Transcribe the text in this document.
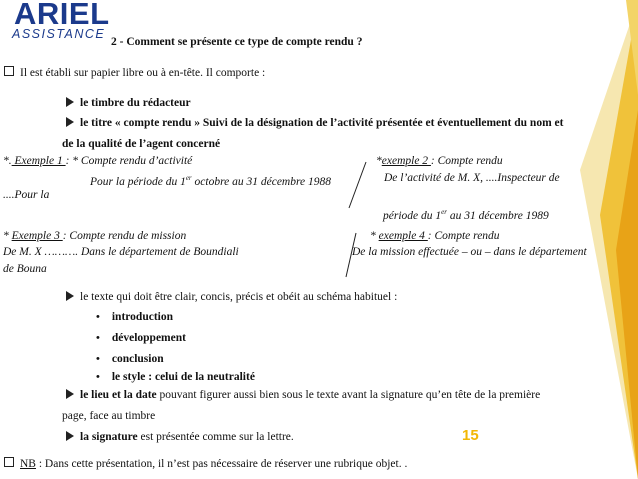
ARIEL
ASSISTANCE
2 - Comment se présente ce type de compte rendu ?
Il est établi sur papier libre ou à en-tête. Il comporte :
le timbre du rédacteur
le titre « compte rendu » Suivi de la désignation de l’activité présentée et éventuellement du nom et
de la qualité de l’agent concerné
*. Exemple 1 : * Compte rendu d’activité
Pour la période du 1er octobre au 31 décembre 1988
*exemple 2 : Compte rendu
De l’activité de M. X, ....Inspecteur de
....Pour la
période du 1er au 31 décembre 1989
* Exemple 3 : Compte rendu de mission
De M. X ………. Dans le département de Boundiali
de Bouna
* exemple 4 : Compte rendu
De la mission effectuée – ou – dans le département
le texte qui doit être clair, concis, précis et obéit au schéma habituel :
• introduction
• développement
• conclusion
• le style : celui de la neutralité
le lieu et la date pouvant figurer aussi bien sous le texte avant la signature qu’en tête de la première
page, face au timbre
la signature est présentée comme sur la lettre.	15
NB : Dans cette présentation, il n’est pas nécessaire de réserver une rubrique objet. .
